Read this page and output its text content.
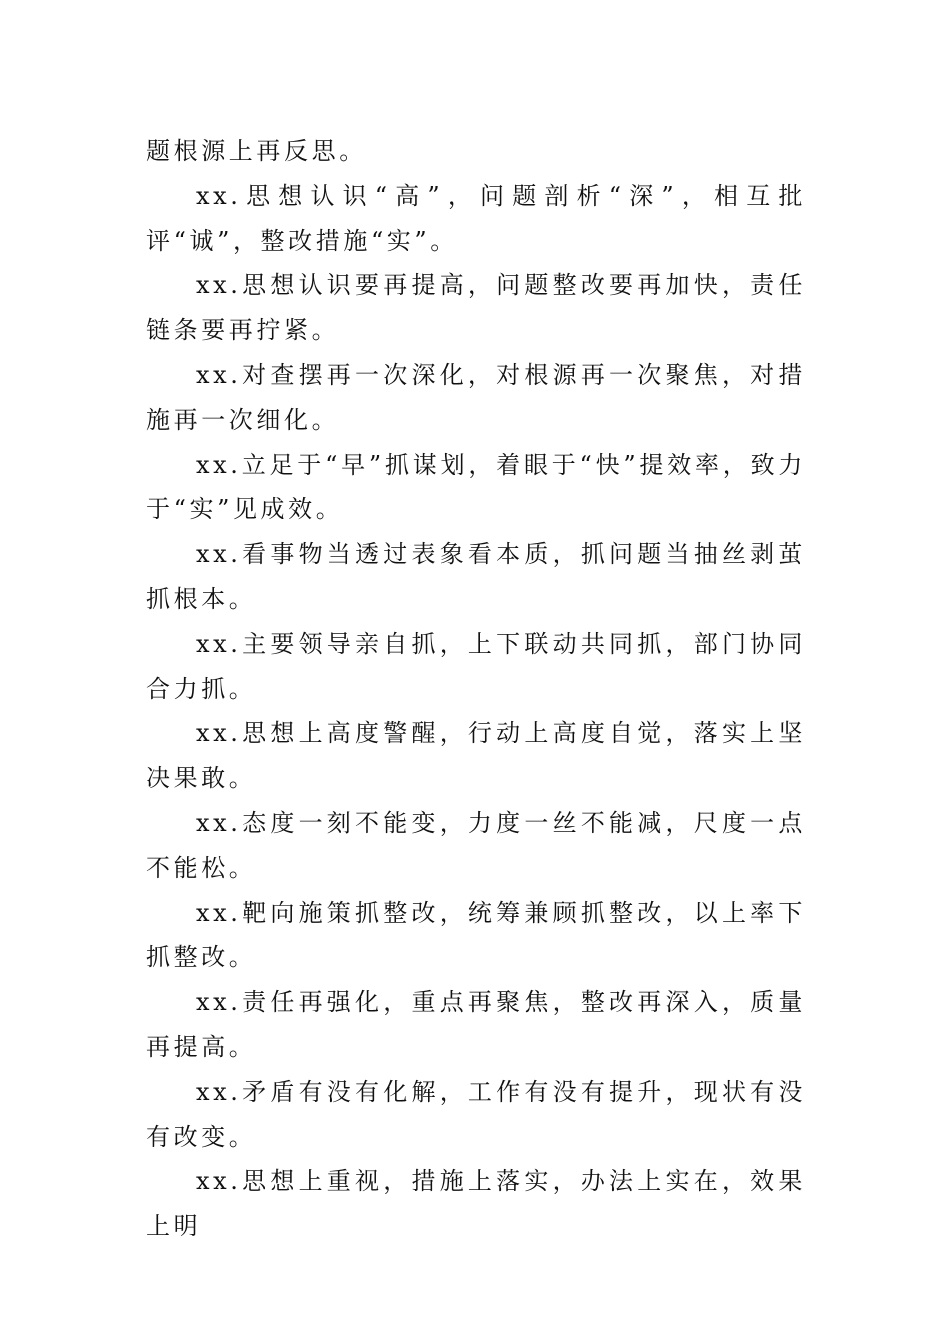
题根源上再反思。

xx.思想认识“高”，问题剖析“深”，相互批评“诚”，整改措施“实”。

xx.思想认识要再提高，问题整改要再加快，责任链条要再拧紧。

xx.对查摆再一次深化，对根源再一次聚焦，对措施再一次细化。

xx.立足于“早”抓谋划，着眼于“快”提效率，致力于“实”见成效。

xx.看事物当透过表象看本质，抓问题当抽丝剥茧抓根本。

xx.主要领导亲自抓，上下联动共同抓，部门协同合力抓。

xx.思想上高度警醒，行动上高度自觉，落实上坚决果敢。

xx.态度一刻不能变，力度一丝不能减，尺度一点不能松。

xx.靶向施策抓整改，统筹兼顾抓整改，以上率下抓整改。

xx.责任再强化，重点再聚焦，整改再深入，质量再提高。

xx.矛盾有没有化解，工作有没有提升，现状有没有改变。

xx.思想上重视，措施上落实，办法上实在，效果上明
